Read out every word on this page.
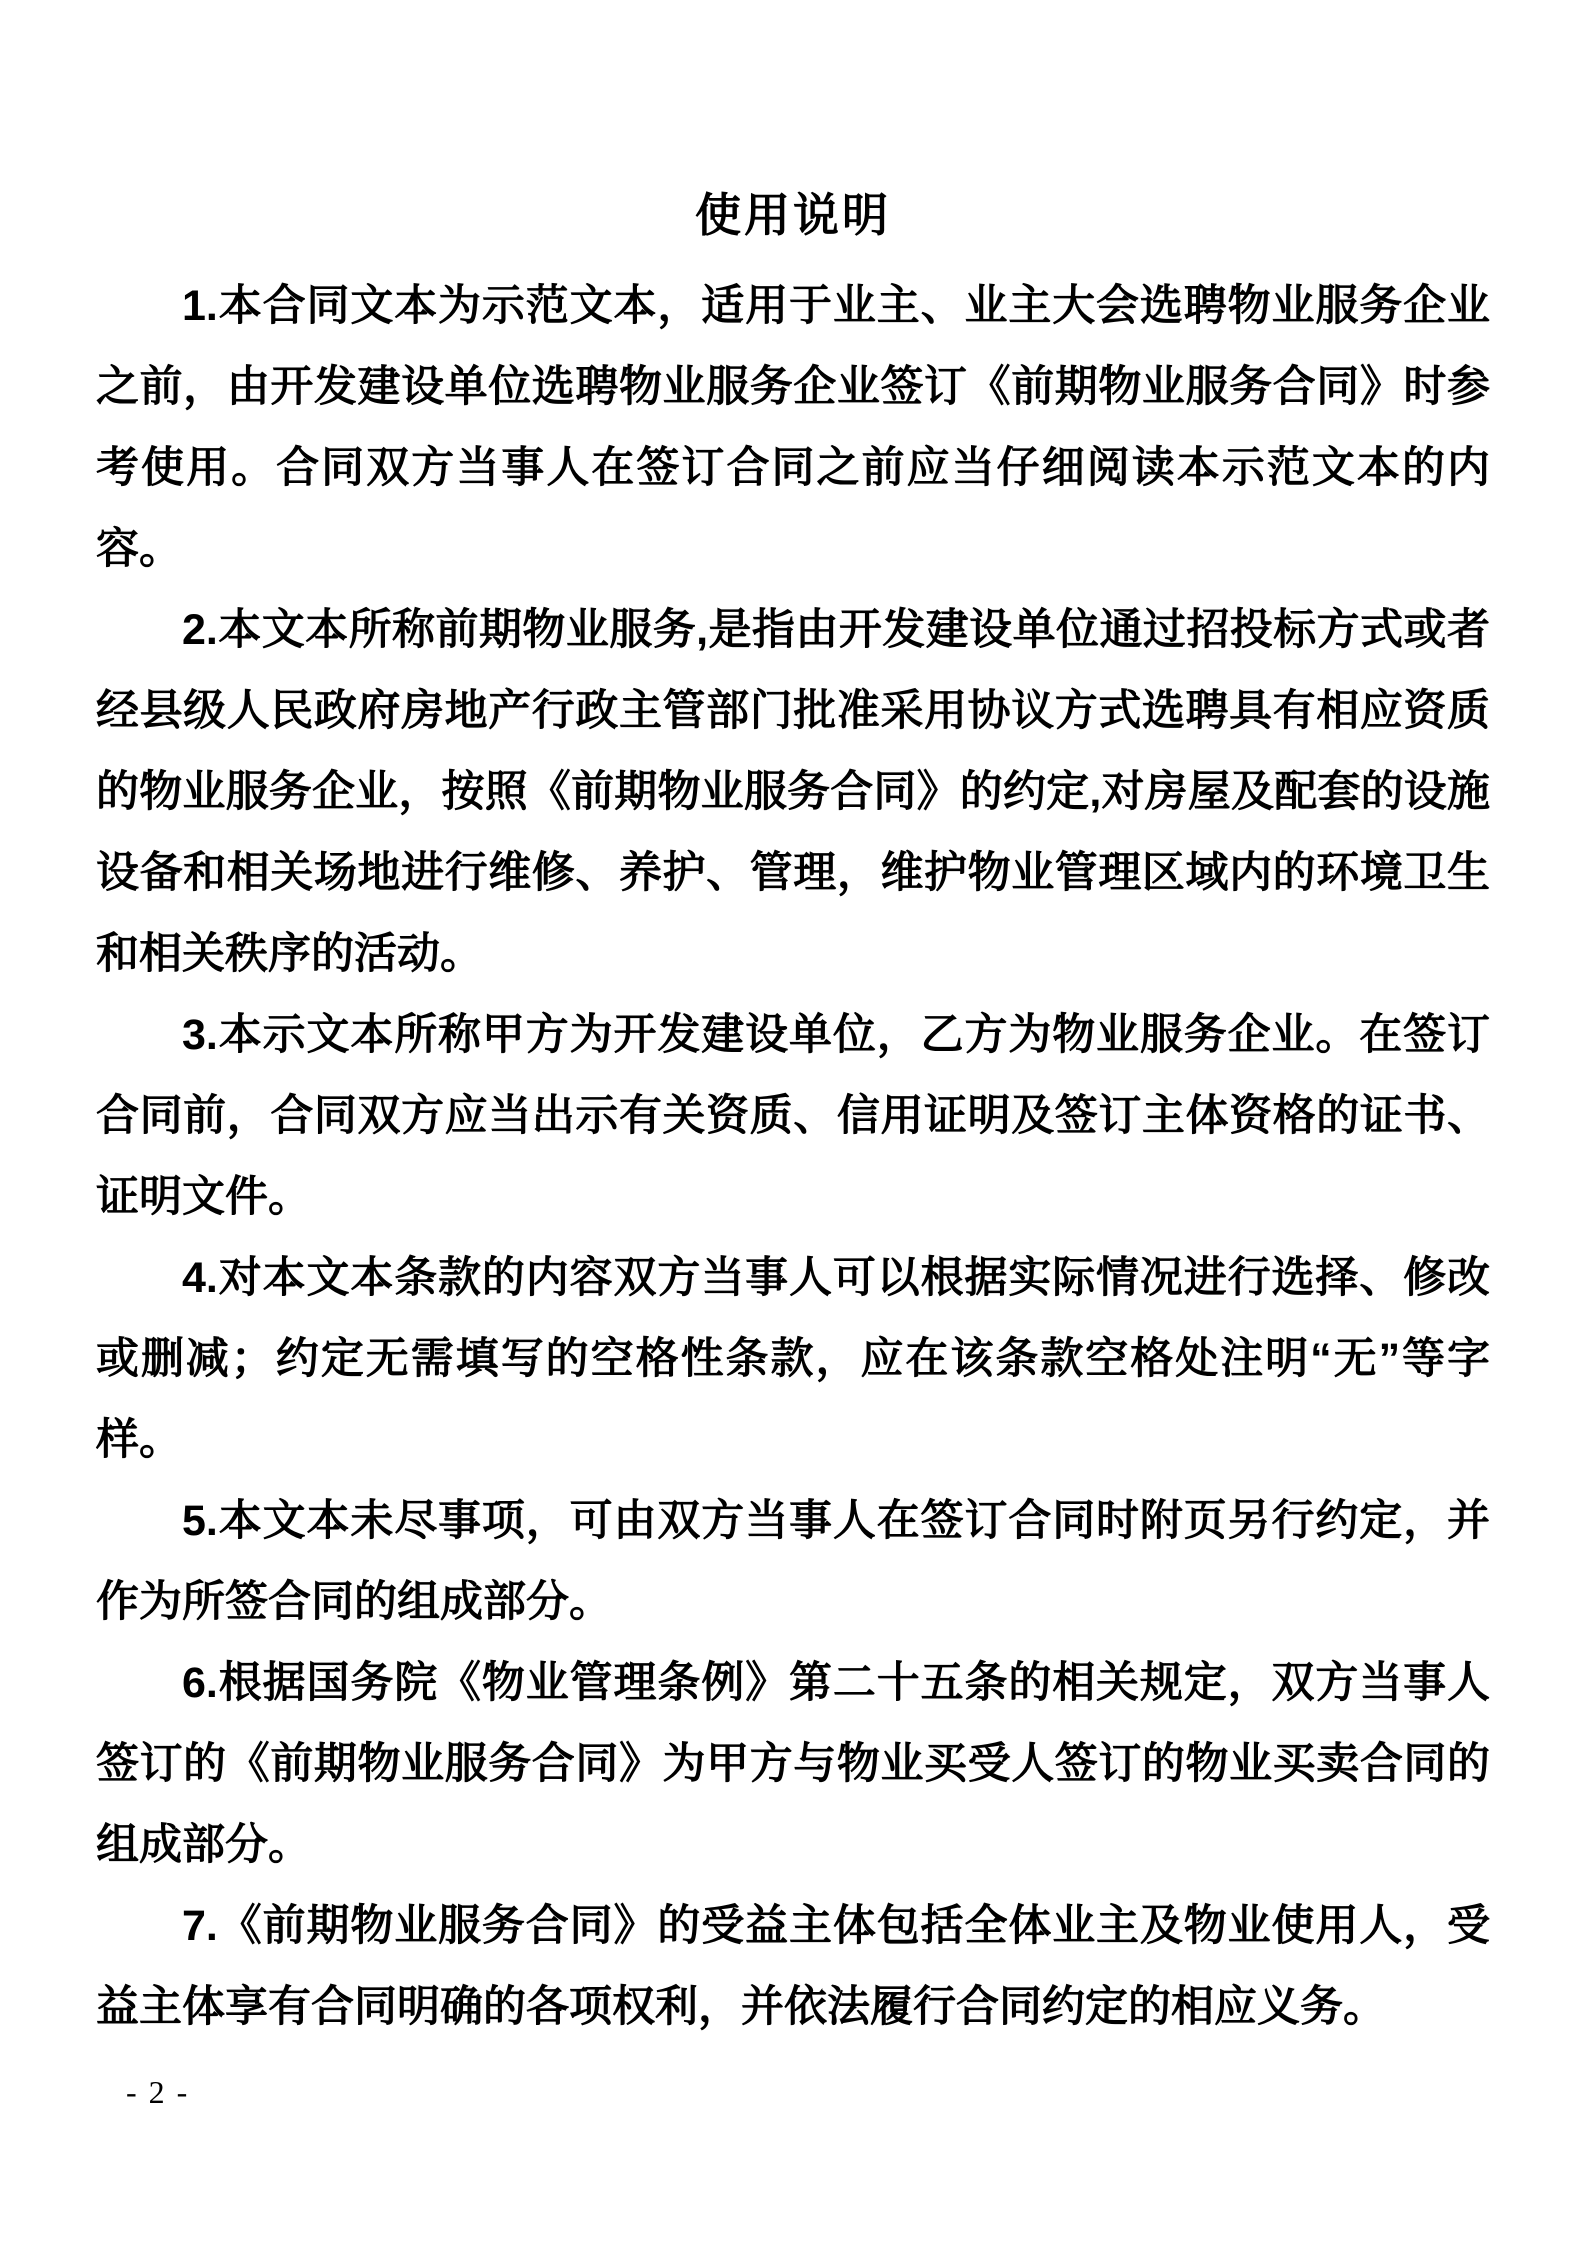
使用说明

1.本合同文本为示范文本，适用于业主、业主大会选聘物业服务企业之前，由开发建设单位选聘物业服务企业签订《前期物业服务合同》时参考使用。合同双方当事人在签订合同之前应当仔细阅读本示范文本的内容。

2.本文本所称前期物业服务,是指由开发建设单位通过招投标方式或者经县级人民政府房地产行政主管部门批准采用协议方式选聘具有相应资质的物业服务企业，按照《前期物业服务合同》的约定,对房屋及配套的设施设备和相关场地进行维修、养护、管理，维护物业管理区域内的环境卫生和相关秩序的活动。

3.本示文本所称甲方为开发建设单位，乙方为物业服务企业。在签订合同前，合同双方应当出示有关资质、信用证明及签订主体资格的证书、证明文件。

4.对本文本条款的内容双方当事人可以根据实际情况进行选择、修改或删减；约定无需填写的空格性条款，应在该条款空格处注明“无”等字样。

5.本文本未尽事项，可由双方当事人在签订合同时附页另行约定，并作为所签合同的组成部分。

6.根据国务院《物业管理条例》第二十五条的相关规定，双方当事人签订的《前期物业服务合同》为甲方与物业买受人签订的物业买卖合同的组成部分。

7.《前期物业服务合同》的受益主体包括全体业主及物业使用人，受益主体享有合同明确的各项权利，并依法履行合同约定的相应义务。

- 2 -
